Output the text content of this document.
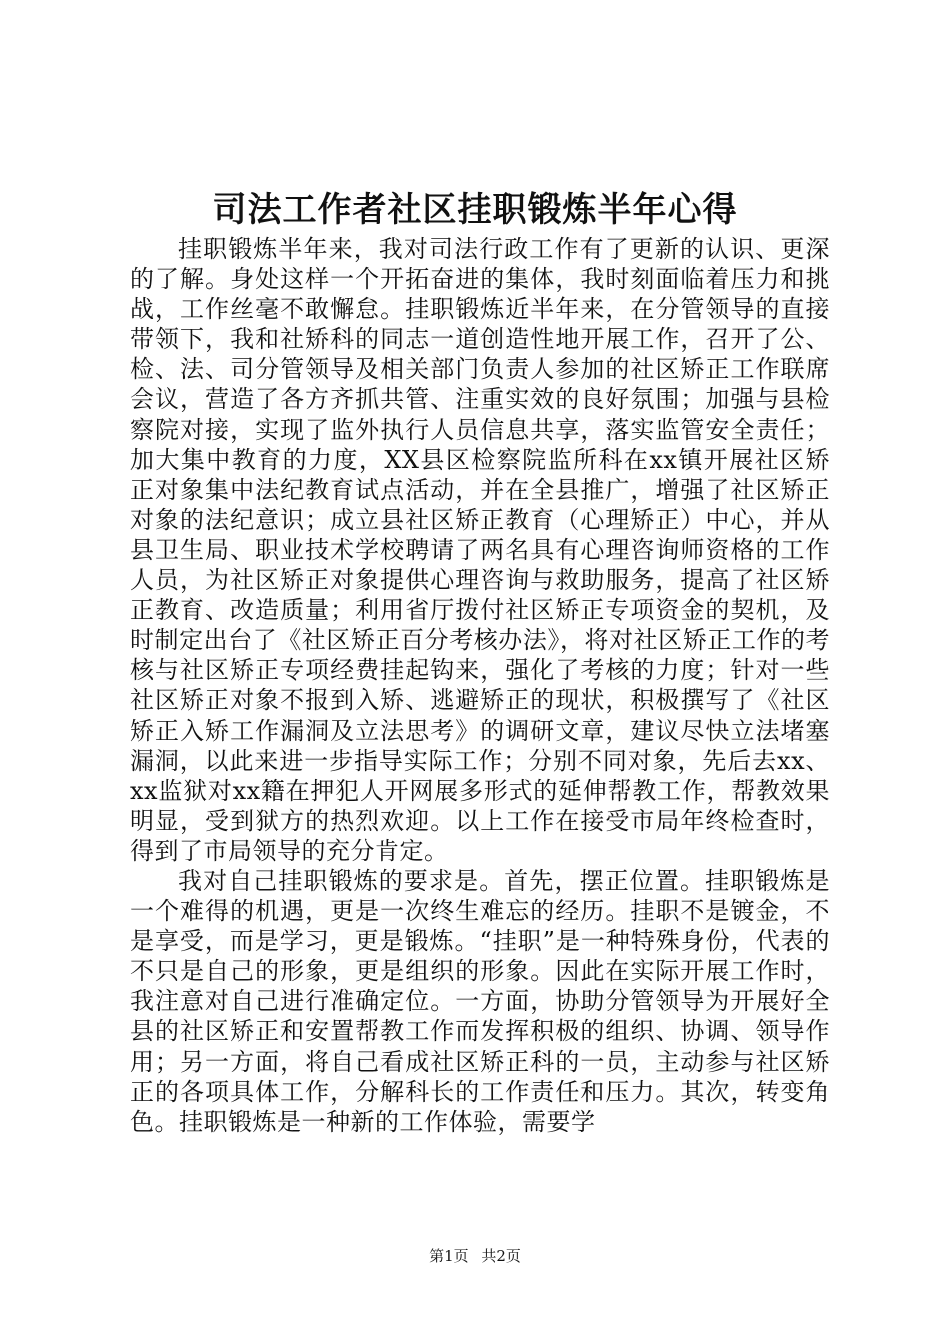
司法工作者社区挂职锻炼半年心得

挂职锻炼半年来，我对司法行政工作有了更新的认识、更深的了解。身处这样一个开拓奋进的集体，我时刻面临着压力和挑战，工作丝毫不敢懈怠。挂职锻炼近半年来，在分管领导的直接带领下，我和社矫科的同志一道创造性地开展工作，召开了公、检、法、司分管领导及相关部门负责人参加的社区矫正工作联席会议，营造了各方齐抓共管、注重实效的良好氛围；加强与县检察院对接，实现了监外执行人员信息共享，落实监管安全责任；加大集中教育的力度，XX县区检察院监所科在xx镇开展社区矫正对象集中法纪教育试点活动，并在全县推广，增强了社区矫正对象的法纪意识；成立县社区矫正教育（心理矫正）中心，并从县卫生局、职业技术学校聘请了两名具有心理咨询师资格的工作人员，为社区矫正对象提供心理咨询与救助服务，提高了社区矫正教育、改造质量；利用省厅拨付社区矫正专项资金的契机，及时制定出台了《社区矫正百分考核办法》，将对社区矫正工作的考核与社区矫正专项经费挂起钩来，强化了考核的力度；针对一些社区矫正对象不报到入矫、逃避矫正的现状，积极撰写了《社区矫正入矫工作漏洞及立法思考》的调研文章，建议尽快立法堵塞漏洞，以此来进一步指导实际工作；分别不同对象，先后去xx、xx监狱对xx籍在押犯人开网展多形式的延伸帮教工作，帮教效果明显，受到狱方的热烈欢迎。以上工作在接受市局年终检查时，得到了市局领导的充分肯定。

我对自己挂职锻炼的要求是。首先，摆正位置。挂职锻炼是一个难得的机遇，更是一次终生难忘的经历。挂职不是镀金，不是享受，而是学习，更是锻炼。“挂职”是一种特殊身份，代表的不只是自己的形象，更是组织的形象。因此在实际开展工作时，我注意对自己进行准确定位。一方面，协助分管领导为开展好全县的社区矫正和安置帮教工作而发挥积极的组织、协调、领导作用；另一方面，将自己看成社区矫正科的一员，主动参与社区矫正的各项具体工作，分解科长的工作责任和压力。其次，转变角色。挂职锻炼是一种新的工作体验，需要学

第1页 共2页
